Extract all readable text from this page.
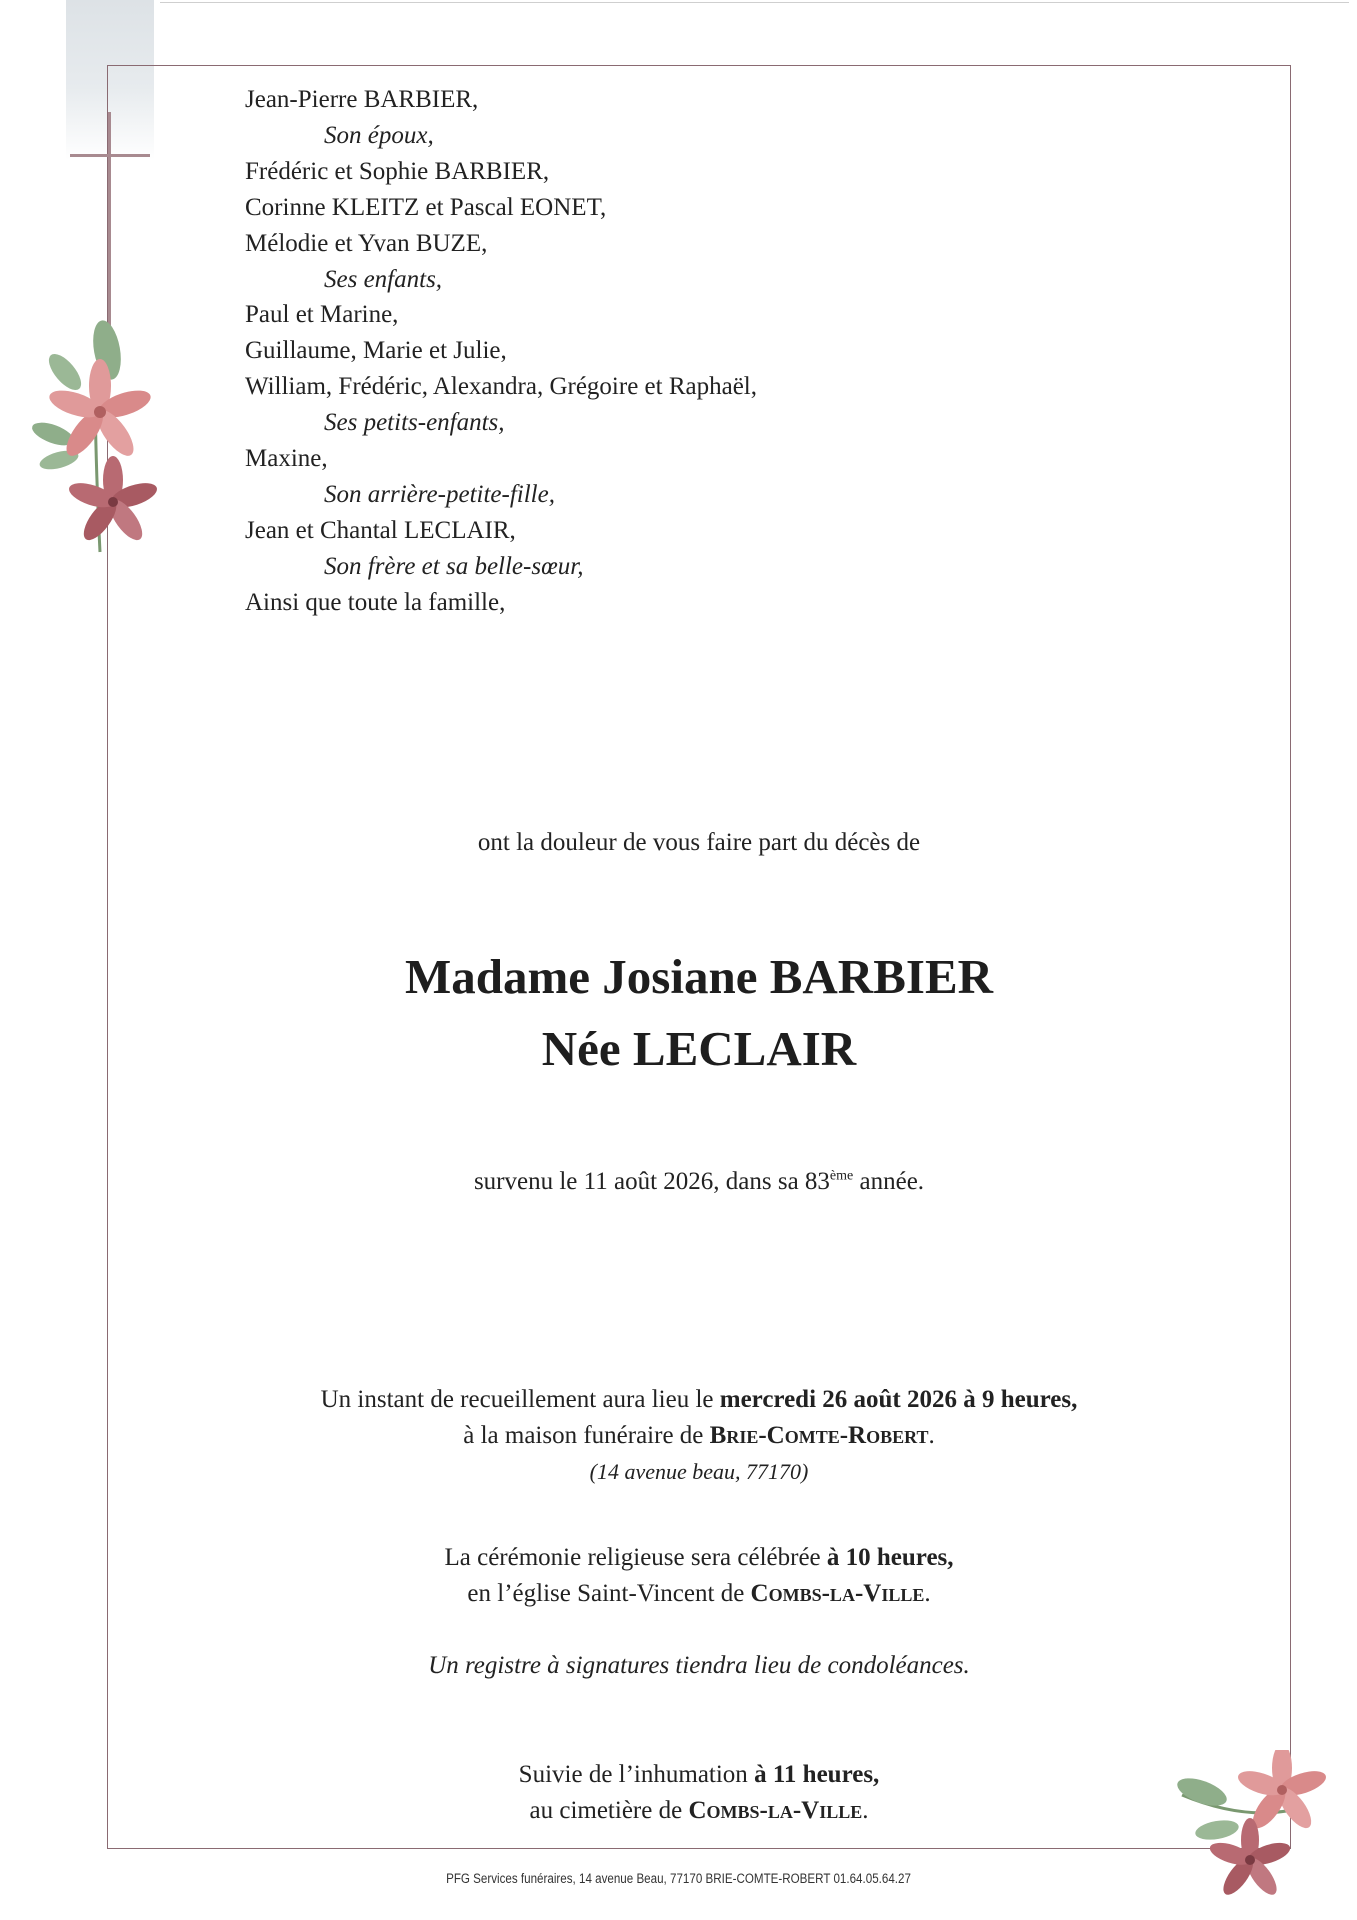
Jean-Pierre BARBIER,
Son époux,
Frédéric et Sophie BARBIER,
Corinne KLEITZ et Pascal EONET,
Mélodie et Yvan BUZE,
Ses enfants,
Paul et Marine,
Guillaume, Marie et Julie,
William, Frédéric, Alexandra, Grégoire et Raphaël,
Ses petits-enfants,
Maxine,
Son arrière-petite-fille,
Jean et Chantal LECLAIR,
Son frère et sa belle-sœur,
Ainsi que toute la famille,
ont la douleur de vous faire part du décès de
Madame Josiane BARBIER
Née LECLAIR
survenu le 11 août 2026, dans sa 83ème année.
Un instant de recueillement aura lieu le mercredi 26 août 2026 à 9 heures,
à la maison funéraire de Brie-Comte-Robert.
(14 avenue beau, 77170)
La cérémonie religieuse sera célébrée à 10 heures,
en l’église Saint-Vincent de Combs-la-Ville.
Un registre à signatures tiendra lieu de condoléances.
Suivie de l’inhumation à 11 heures,
au cimetière de Combs-la-Ville.
PFG Services funéraires, 14 avenue Beau, 77170 BRIE-COMTE-ROBERT 01.64.05.64.27
